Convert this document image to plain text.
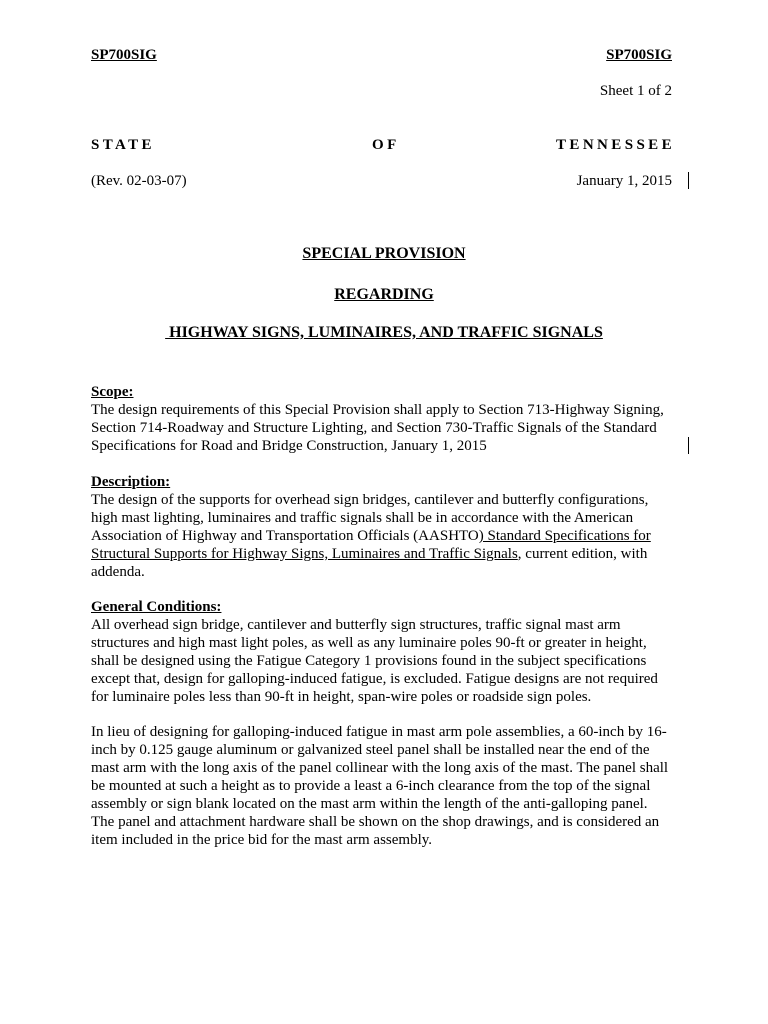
SP700SIG	SP700SIG
Sheet 1 of 2
STATE	OF	TENNESSEE
(Rev. 02-03-07)	January 1, 2015
SPECIAL PROVISION
REGARDING
HIGHWAY SIGNS, LUMINAIRES, AND TRAFFIC SIGNALS
Scope:
The design requirements of this Special Provision shall apply to Section 713-Highway Signing,
Section 714-Roadway and Structure Lighting, and Section 730-Traffic Signals of the Standard
Specifications for Road and Bridge Construction, January 1, 2015
Description:
The design of the supports for overhead sign bridges, cantilever and butterfly configurations,
high mast lighting, luminaires and traffic signals shall be in accordance with the American
Association of Highway and Transportation Officials (AASHTO) Standard Specifications for
Structural Supports for Highway Signs, Luminaires and Traffic Signals, current edition, with
addenda.
General Conditions:
All overhead sign bridge, cantilever and butterfly sign structures, traffic signal mast arm
structures and high mast light poles, as well as any luminaire poles 90-ft or greater in height,
shall be designed using the Fatigue Category 1 provisions found in the subject specifications
except that, design for galloping-induced fatigue, is excluded. Fatigue designs are not required
for luminaire poles less than 90-ft in height, span-wire poles or roadside sign poles.
In lieu of designing for galloping-induced fatigue in mast arm pole assemblies, a 60-inch by 16-
inch by 0.125 gauge aluminum or galvanized steel panel shall be installed near the end of the
mast arm with the long axis of the panel collinear with the long axis of the mast. The panel shall
be mounted at such a height as to provide a least a 6-inch clearance from the top of the signal
assembly or sign blank located on the mast arm within the length of the anti-galloping panel.
The panel and attachment hardware shall be shown on the shop drawings, and is considered an
item included in the price bid for the mast arm assembly.
